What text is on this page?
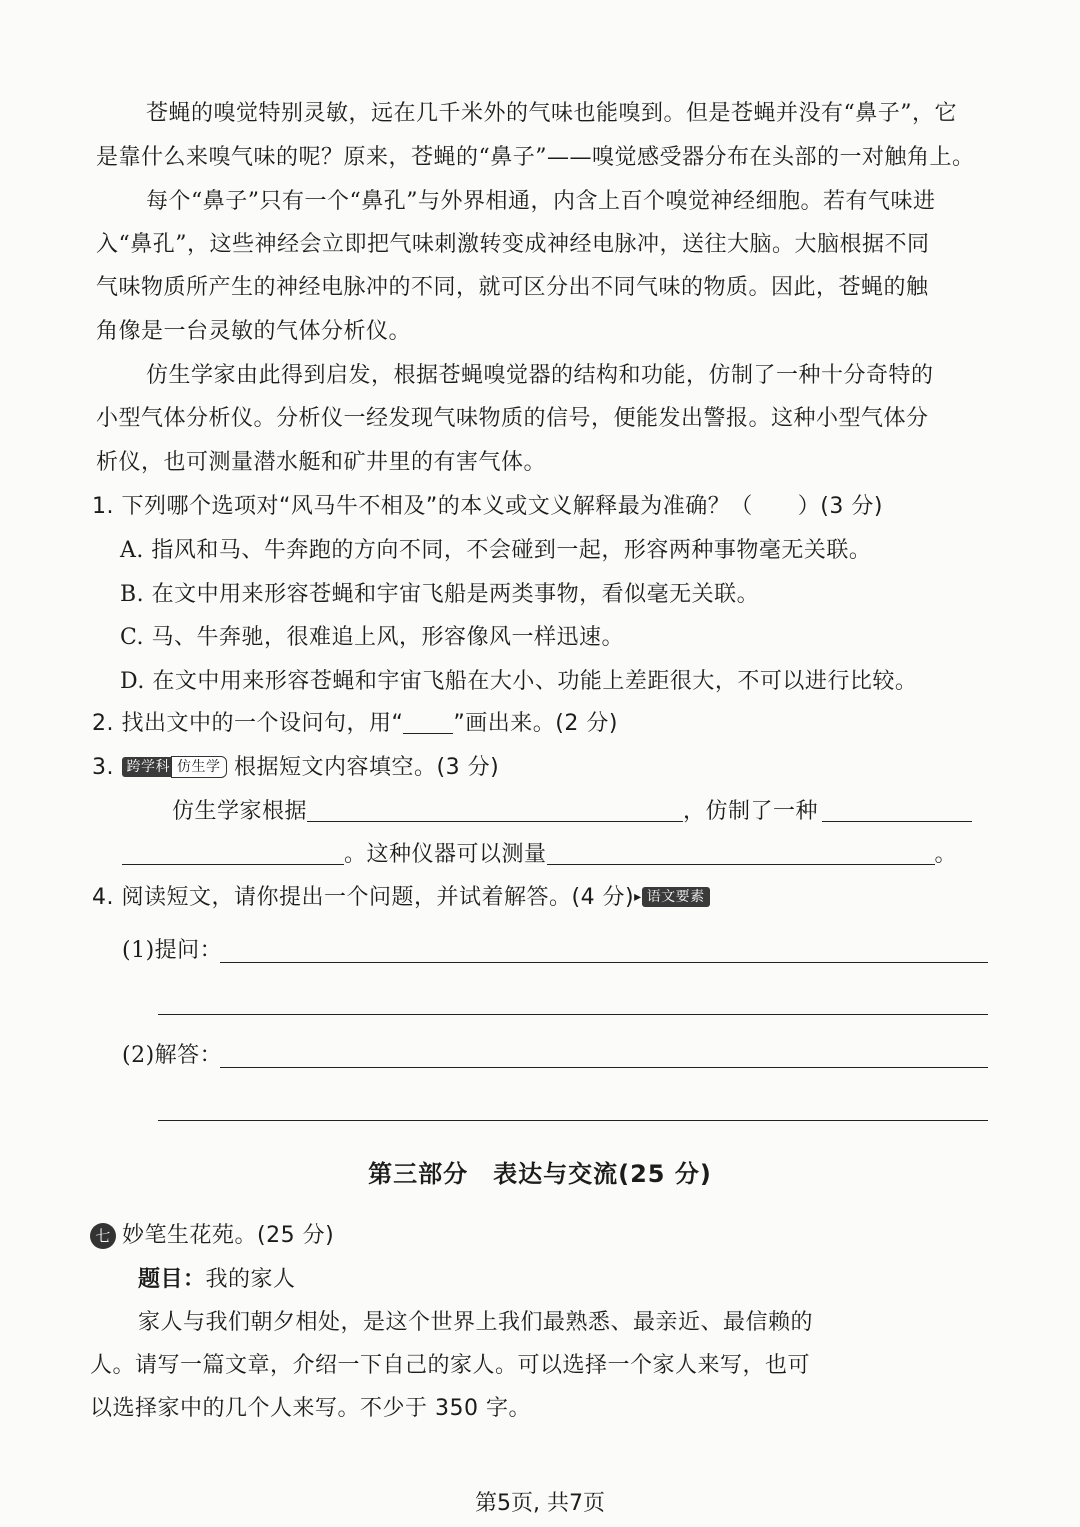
苍蝇的嗅觉特别灵敏，远在几千米外的气味也能嗅到。但是苍蝇并没有“鼻子”，它
是靠什么来嗅气味的呢？原来，苍蝇的“鼻子”——嗅觉感受器分布在头部的一对触角上。
每个“鼻子”只有一个“鼻孔”与外界相通，内含上百个嗅觉神经细胞。若有气味进
入“鼻孔”，这些神经会立即把气味刺激转变成神经电脉冲，送往大脑。大脑根据不同
气味物质所产生的神经电脉冲的不同，就可区分出不同气味的物质。因此，苍蝇的触
角像是一台灵敏的气体分析仪。
仿生学家由此得到启发，根据苍蝇嗅觉器的结构和功能，仿制了一种十分奇特的
小型气体分析仪。分析仪一经发现气味物质的信号，便能发出警报。这种小型气体分
析仪，也可测量潜水艇和矿井里的有害气体。
1. 下列哪个选项对“风马牛不相及”的本义或文义解释最为准确？（　　）(3 分)
A. 指风和马、牛奔跑的方向不同，不会碰到一起，形容两种事物毫无关联。
B. 在文中用来形容苍蝇和宇宙飞船是两类事物，看似毫无关联。
C. 马、牛奔驰，很难追上风，形容像风一样迅速。
D. 在文中用来形容苍蝇和宇宙飞船在大小、功能上差距很大，不可以进行比较。
2. 找出文中的一个设问句，用“ ”画出来。(2 分)
3. 跨学科 仿生学 根据短文内容填空。(3 分)
仿生学家根据	，仿制了一种
。这种仪器可以测量	。
4. 阅读短文，请你提出一个问题，并试着解答。(4 分)▸ 语文要素
(1)提问：
(2)解答：
第三部分　表达与交流(25 分)
七 妙笔生花苑。(25 分)
题目：我的家人
家人与我们朝夕相处，是这个世界上我们最熟悉、最亲近、最信赖的
人。请写一篇文章，介绍一下自己的家人。可以选择一个家人来写，也可
以选择家中的几个人来写。不少于 350 字。
第5页, 共7页
